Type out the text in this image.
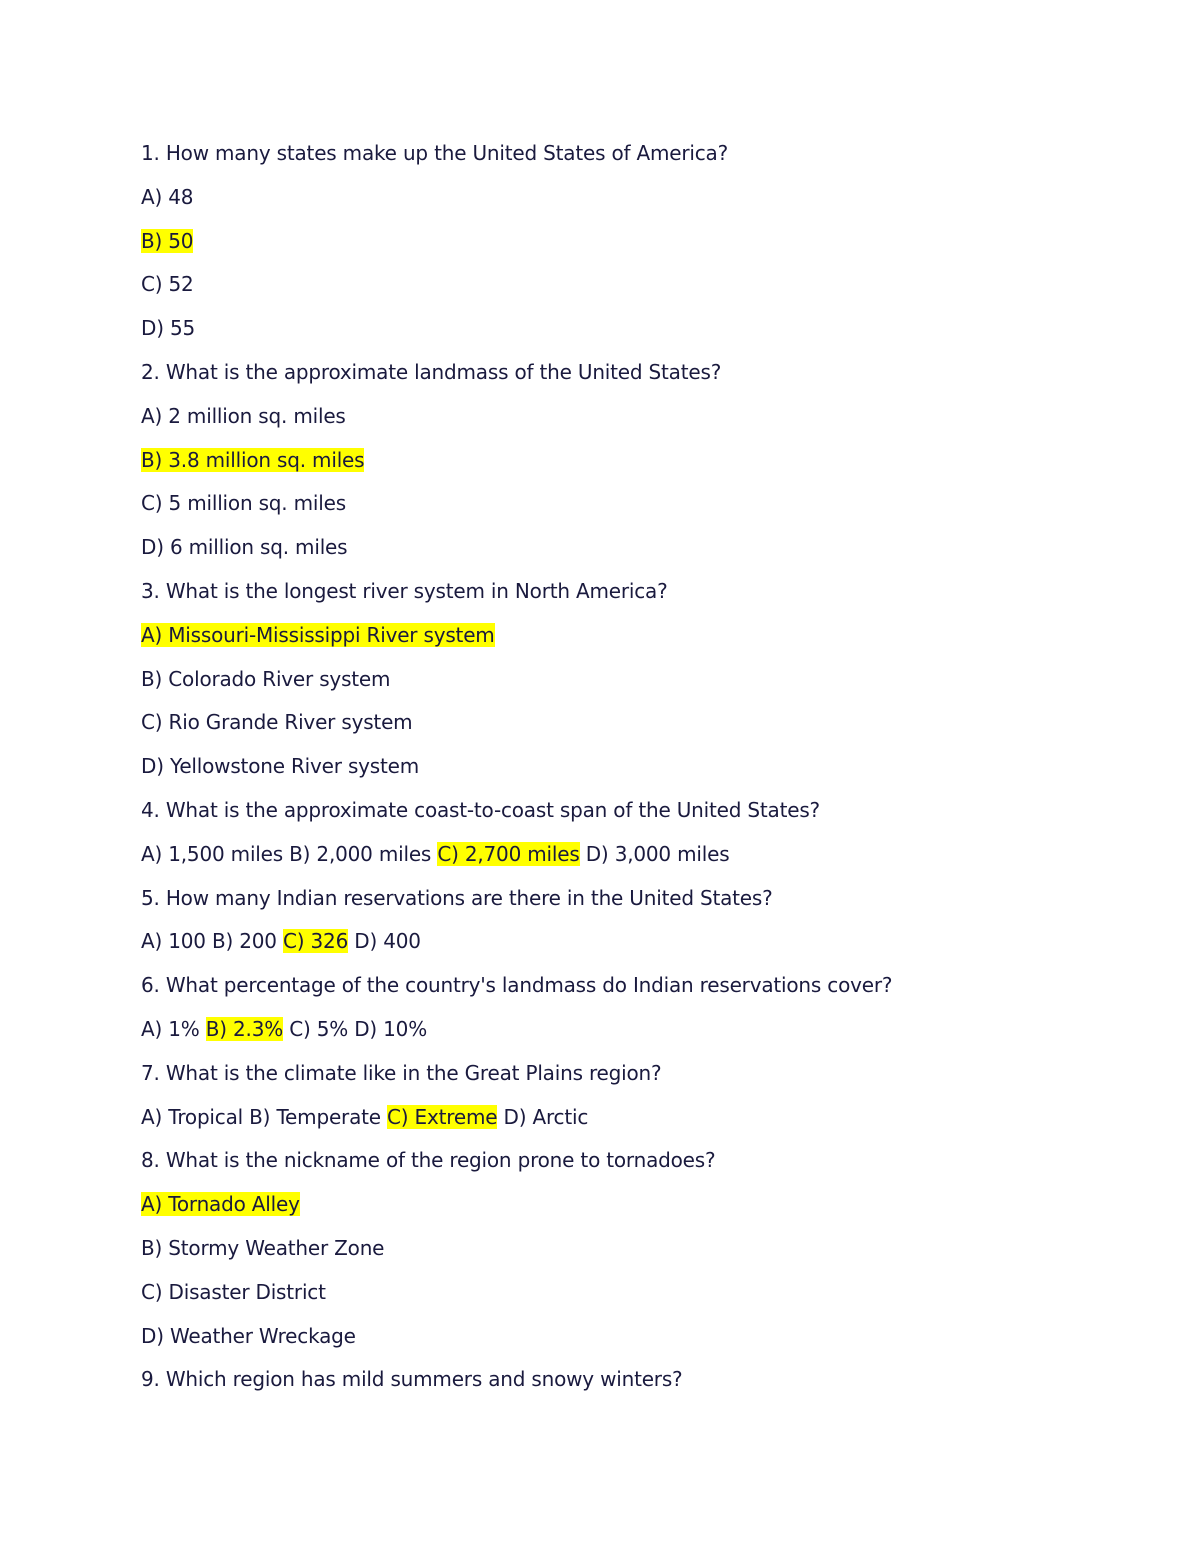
1. How many states make up the United States of America?
A) 48
B) 50
C) 52
D) 55
2. What is the approximate landmass of the United States?
A) 2 million sq. miles
B) 3.8 million sq. miles
C) 5 million sq. miles
D) 6 million sq. miles
3. What is the longest river system in North America?
A) Missouri-Mississippi River system
B) Colorado River system
C) Rio Grande River system
D) Yellowstone River system
4. What is the approximate coast-to-coast span of the United States?
A) 1,500 miles B) 2,000 miles C) 2,700 miles D) 3,000 miles
5. How many Indian reservations are there in the United States?
A) 100 B) 200 C) 326 D) 400
6. What percentage of the country's landmass do Indian reservations cover?
A) 1% B) 2.3% C) 5% D) 10%
7. What is the climate like in the Great Plains region?
A) Tropical B) Temperate C) Extreme D) Arctic
8. What is the nickname of the region prone to tornadoes?
A) Tornado Alley
B) Stormy Weather Zone
C) Disaster District
D) Weather Wreckage
9. Which region has mild summers and snowy winters?
